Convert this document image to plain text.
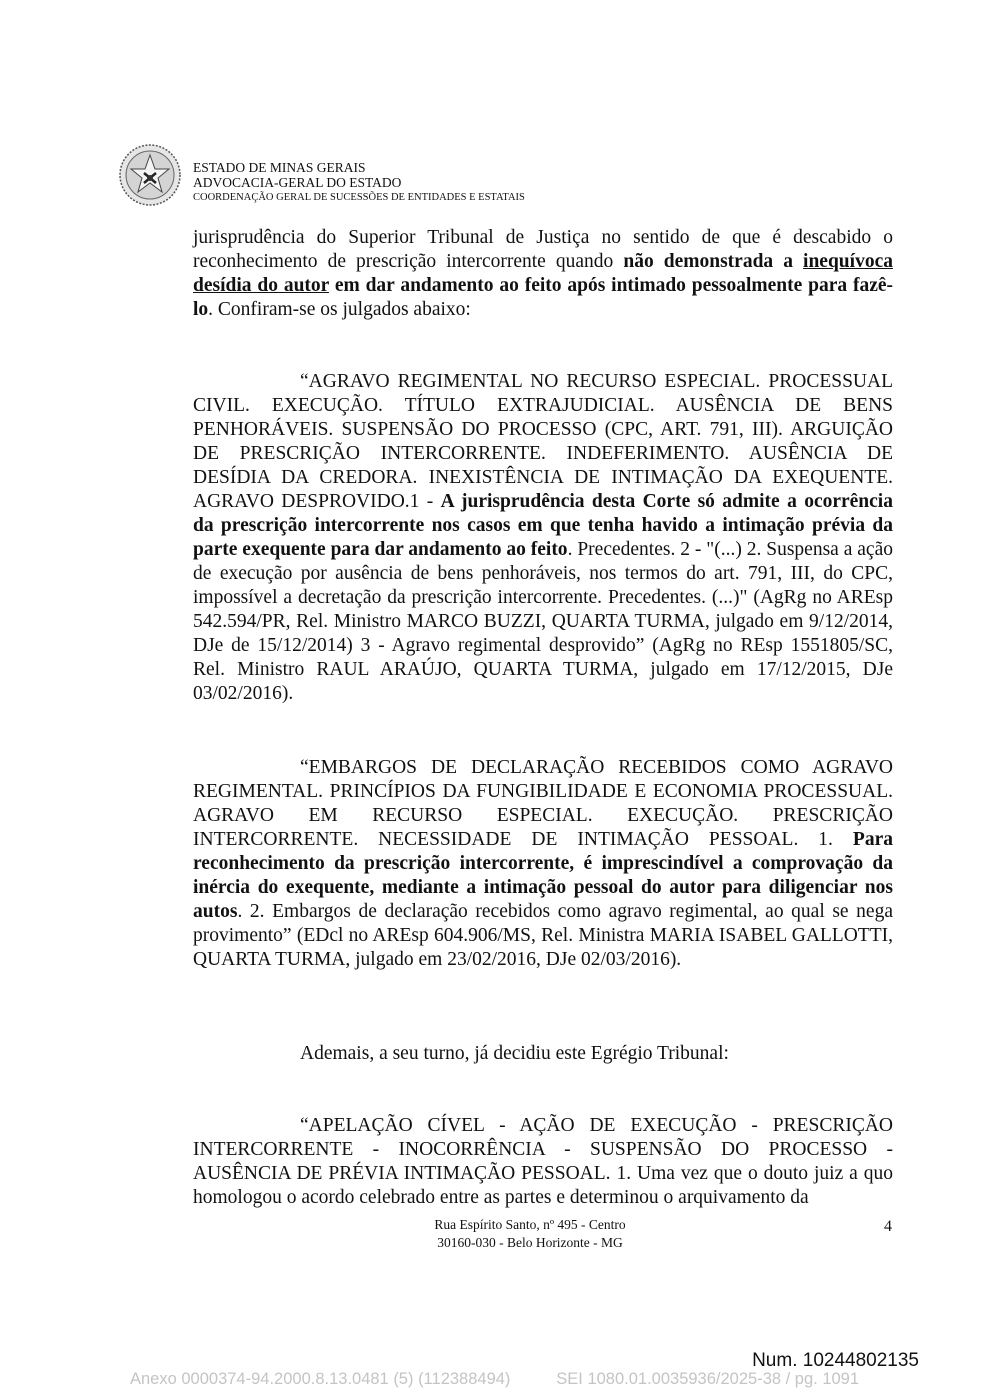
ESTADO DE MINAS GERAIS
ADVOCACIA-GERAL DO ESTADO
COORDENAÇÃO GERAL DE SUCESSÕES DE ENTIDADES E ESTATAIS

jurisprudência do Superior Tribunal de Justiça no sentido de que é descabido o reconhecimento de prescrição intercorrente quando não demonstrada a inequívoca desídia do autor em dar andamento ao feito após intimado pessoalmente para fazê-lo. Confiram-se os julgados abaixo:

“AGRAVO REGIMENTAL NO RECURSO ESPECIAL. PROCESSUAL CIVIL. EXECUÇÃO. TÍTULO EXTRAJUDICIAL. AUSÊNCIA DE BENS PENHORÁVEIS. SUSPENSÃO DO PROCESSO (CPC, ART. 791, III). ARGUIÇÃO DE PRESCRIÇÃO INTERCORRENTE. INDEFERIMENTO. AUSÊNCIA DE DESÍDIA DA CREDORA. INEXISTÊNCIA DE INTIMAÇÃO DA EXEQUENTE. AGRAVO DESPROVIDO.1 - A jurisprudência desta Corte só admite a ocorrência da prescrição intercorrente nos casos em que tenha havido a intimação prévia da parte exequente para dar andamento ao feito. Precedentes. 2 - "(...) 2. Suspensa a ação de execução por ausência de bens penhoráveis, nos termos do art. 791, III, do CPC, impossível a decretação da prescrição intercorrente. Precedentes. (...)" (AgRg no AREsp 542.594/PR, Rel. Ministro MARCO BUZZI, QUARTA TURMA, julgado em 9/12/2014, DJe de 15/12/2014) 3 - Agravo regimental desprovido” (AgRg no REsp 1551805/SC, Rel. Ministro RAUL ARAÚJO, QUARTA TURMA, julgado em 17/12/2015, DJe 03/02/2016).

“EMBARGOS DE DECLARAÇÃO RECEBIDOS COMO AGRAVO REGIMENTAL. PRINCÍPIOS DA FUNGIBILIDADE E ECONOMIA PROCESSUAL. AGRAVO EM RECURSO ESPECIAL. EXECUÇÃO. PRESCRIÇÃO INTERCORRENTE. NECESSIDADE DE INTIMAÇÃO PESSOAL. 1. Para reconhecimento da prescrição intercorrente, é imprescindível a comprovação da inércia do exequente, mediante a intimação pessoal do autor para diligenciar nos autos. 2. Embargos de declaração recebidos como agravo regimental, ao qual se nega provimento” (EDcl no AREsp 604.906/MS, Rel. Ministra MARIA ISABEL GALLOTTI, QUARTA TURMA, julgado em 23/02/2016, DJe 02/03/2016).

Ademais, a seu turno, já decidiu este Egrégio Tribunal:

“APELAÇÃO CÍVEL - AÇÃO DE EXECUÇÃO - PRESCRIÇÃO INTERCORRENTE - INOCORRÊNCIA - SUSPENSÃO DO PROCESSO - AUSÊNCIA DE PRÉVIA INTIMAÇÃO PESSOAL. 1. Uma vez que o douto juiz a quo homologou o acordo celebrado entre as partes e determinou o arquivamento da

Rua Espírito Santo, nº 495 - Centro
30160-030 - Belo Horizonte - MG
4
Num. 10244802135
Anexo 0000374-94.2000.8.13.0481 (5) (112388494)	SEI 1080.01.0035936/2025-38 / pg. 1091
